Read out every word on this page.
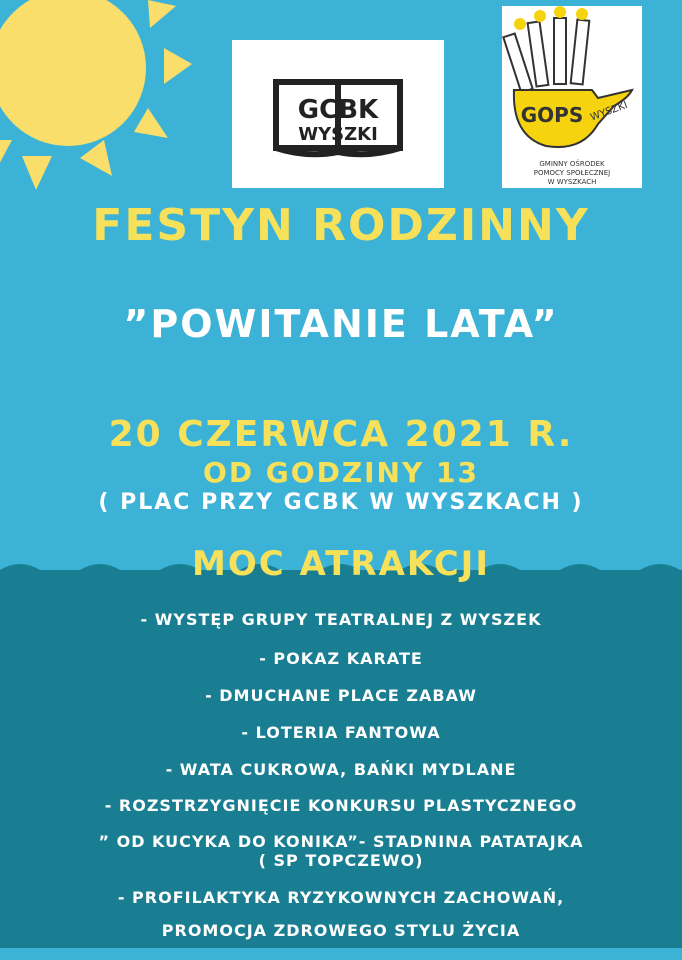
GCBK
WYSZKI
GOPS WYSZKI
GMINNY OŚRODEK
POMOCY SPOŁECZNEJ
W WYSZKACH
FESTYN RODZINNY
”POWITANIE LATA”
20 CZERWCA 2021 R.
OD GODZINY 13
( PLAC PRZY GCBK W WYSZKACH )
MOC ATRAKCJI
- WYSTĘP GRUPY TEATRALNEJ Z WYSZEK
- POKAZ KARATE
- DMUCHANE PLACE ZABAW
- LOTERIA FANTOWA
- WATA CUKROWA, BAŃKI MYDLANE
- ROZSTRZYGNIĘCIE KONKURSU PLASTYCZNEGO
” OD KUCYKA DO KONIKA”- STADNINA PATATAJKA
( SP TOPCZEWO)
- PROFILAKTYKA RYZYKOWNYCH ZACHOWAŃ,
PROMOCJA ZDROWEGO STYLU ŻYCIA
